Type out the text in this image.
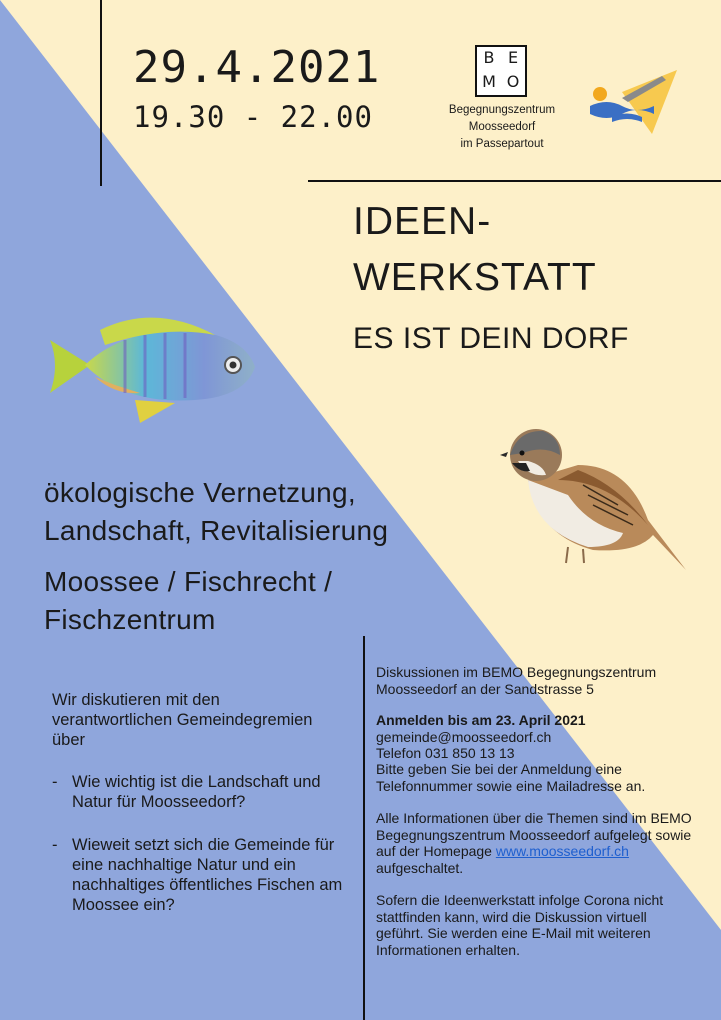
29.4.2021
19.30 - 22.00
B E
M O
Begegnungszentrum
Moosseedorf
im Passepartout
IDEEN-
WERKSTATT
ES IST DEIN DORF
ökologische Vernetzung,
Landschaft, Revitalisierung
Moossee / Fischrecht /
Fischzentrum
Wir diskutieren mit den verantwortlichen Gemeindegremien über
- Wie wichtig ist die Landschaft und Natur für Moosseedorf?
- Wieweit setzt sich die Gemeinde für eine nachhaltige Natur und ein nachhaltiges öffentliches Fischen am Moossee ein?
Diskussionen im BEMO Begegnungszentrum Moosseedorf an der Sandstrasse 5
Anmelden bis am 23. April 2021
gemeinde@moosseedorf.ch
Telefon 031 850 13 13
Bitte geben Sie bei der Anmeldung eine Telefonnummer sowie eine Mailadresse an.
Alle Informationen über die Themen sind im BEMO Begegnungszentrum Moosseedorf aufgelegt sowie auf der Homepage www.moosseedorf.ch aufgeschaltet.
Sofern die Ideenwerkstatt infolge Corona nicht stattfinden kann, wird die Diskussion virtuell geführt. Sie werden eine E-Mail mit weiteren Informationen erhalten.
